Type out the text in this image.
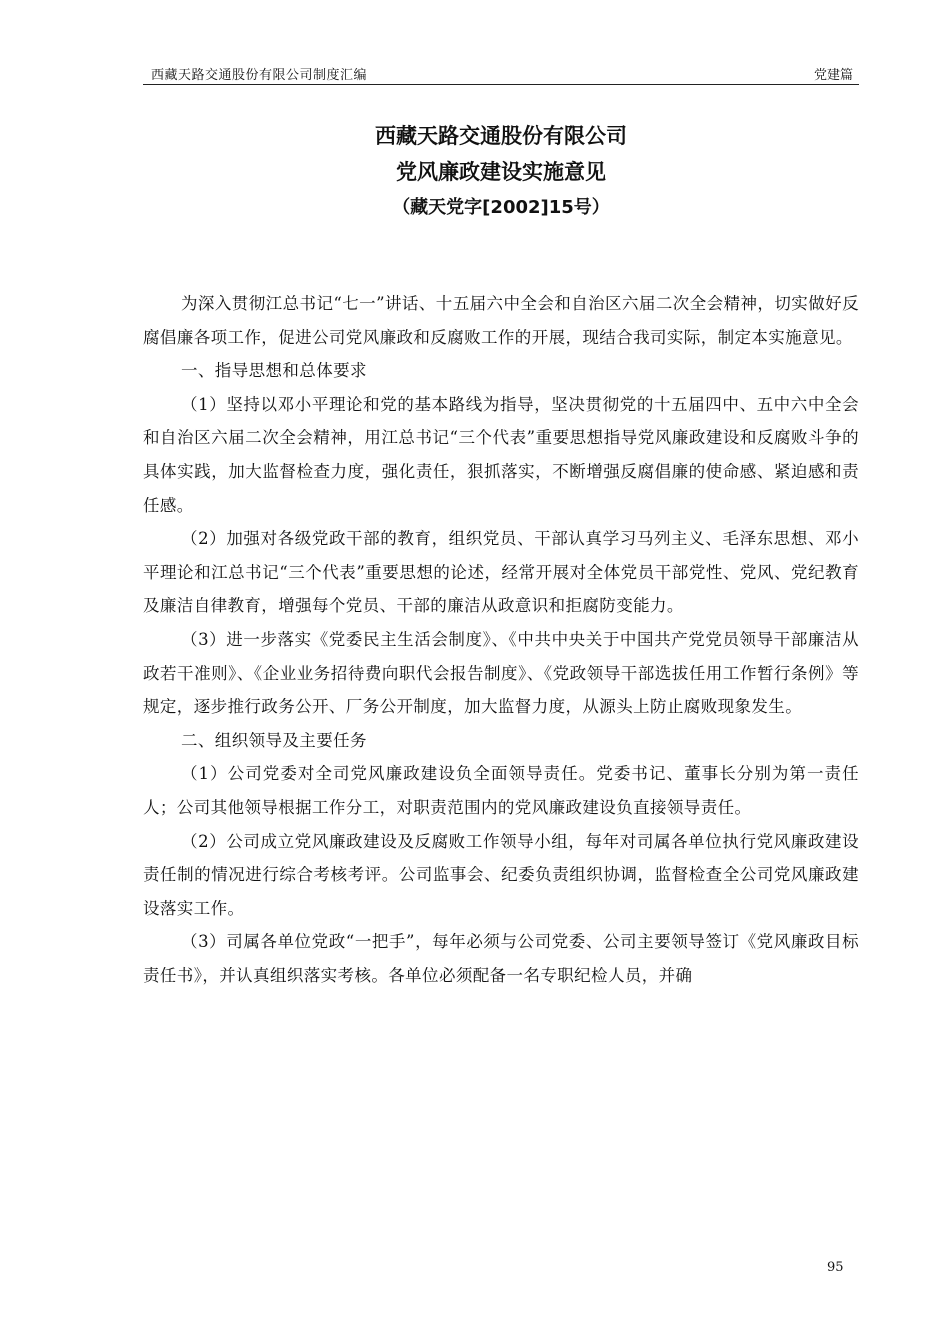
西藏天路交通股份有限公司制度汇编	党建篇
西藏天路交通股份有限公司
党风廉政建设实施意见
（藏天党字[2002]15号）

为深入贯彻江总书记“七一”讲话、十五届六中全会和自治区六届二次全会精神，切实做好反腐倡廉各项工作，促进公司党风廉政和反腐败工作的开展，现结合我司实际，制定本实施意见。

一、指导思想和总体要求

（1）坚持以邓小平理论和党的基本路线为指导，坚决贯彻党的十五届四中、五中六中全会和自治区六届二次全会精神，用江总书记“三个代表”重要思想指导党风廉政建设和反腐败斗争的具体实践，加大监督检查力度，强化责任，狠抓落实，不断增强反腐倡廉的使命感、紧迫感和责任感。

（2）加强对各级党政干部的教育，组织党员、干部认真学习马列主义、毛泽东思想、邓小平理论和江总书记“三个代表”重要思想的论述，经常开展对全体党员干部党性、党风、党纪教育及廉洁自律教育，增强每个党员、干部的廉洁从政意识和拒腐防变能力。

（3）进一步落实《党委民主生活会制度》、《中共中央关于中国共产党党员领导干部廉洁从政若干准则》、《企业业务招待费向职代会报告制度》、《党政领导干部选拔任用工作暂行条例》等规定，逐步推行政务公开、厂务公开制度，加大监督力度，从源头上防止腐败现象发生。

二、组织领导及主要任务

（1）公司党委对全司党风廉政建设负全面领导责任。党委书记、董事长分别为第一责任人；公司其他领导根据工作分工，对职责范围内的党风廉政建设负直接领导责任。

（2）公司成立党风廉政建设及反腐败工作领导小组，每年对司属各单位执行党风廉政建设责任制的情况进行综合考核考评。公司监事会、纪委负责组织协调，监督检查全公司党风廉政建设落实工作。

（3）司属各单位党政“一把手”，每年必须与公司党委、公司主要领导签订《党风廉政目标责任书》，并认真组织落实考核。各单位必须配备一名专职纪检人员，并确

95
